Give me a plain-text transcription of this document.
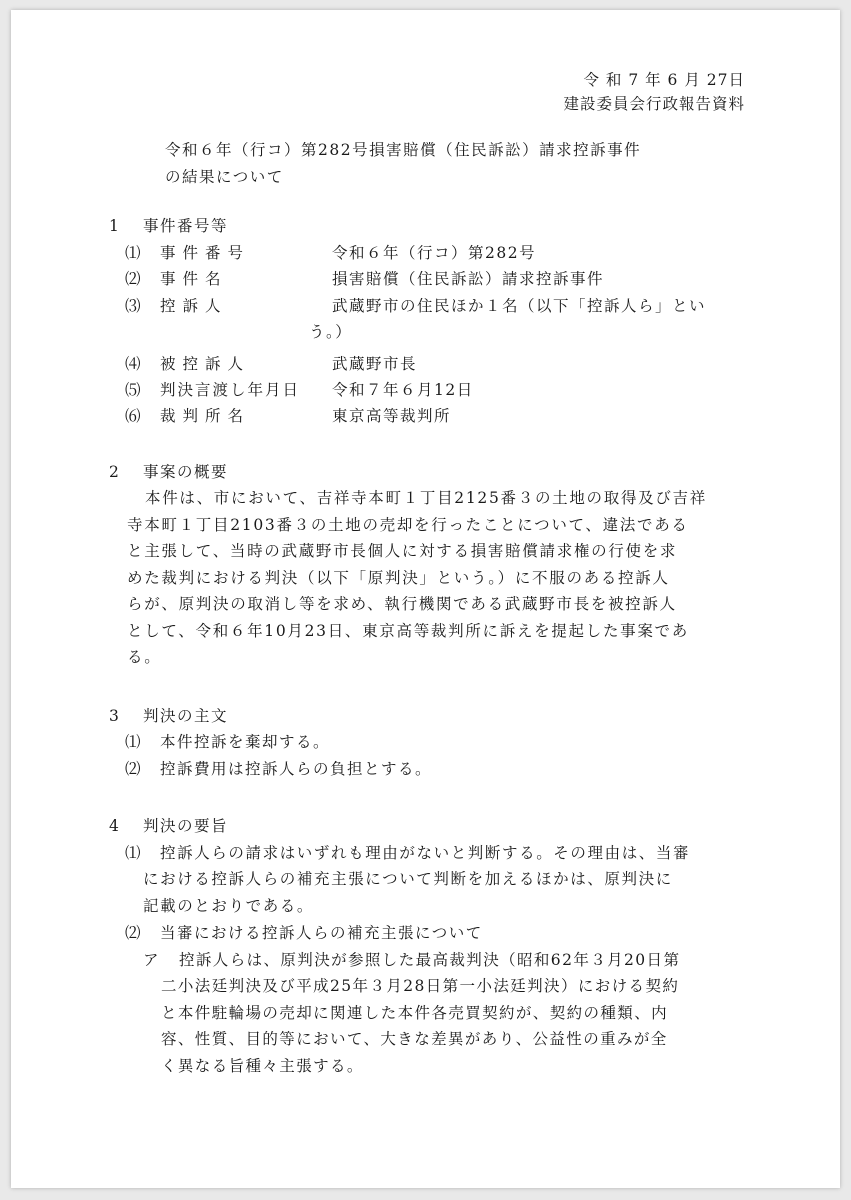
令 和 7 年 6 月 27日
建設委員会行政報告資料
令和６年（行コ）第282号損害賠償（住民訴訟）請求控訴事件
の結果について
1 事件番号等
⑴ 事件番号	令和６年（行コ）第282号
⑵ 事件名	損害賠償（住民訴訟）請求控訴事件
⑶ 控訴人	武蔵野市の住民ほか１名（以下「控訴人ら」とい
う。）
⑷ 被控訴人	武蔵野市長
⑸ 判決言渡し年月日 令和７年６月12日
⑹ 裁判所名	東京高等裁判所
2 事案の概要
本件は、市において、吉祥寺本町１丁目2125番３の土地の取得及び吉祥
寺本町１丁目2103番３の土地の売却を行ったことについて、違法である
と主張して、当時の武蔵野市長個人に対する損害賠償請求権の行使を求
めた裁判における判決（以下「原判決」という。）に不服のある控訴人
らが、原判決の取消し等を求め、執行機関である武蔵野市長を被控訴人
として、令和６年10月23日、東京高等裁判所に訴えを提起した事案であ
る。
3 判決の主文
⑴ 本件控訴を棄却する。
⑵ 控訴費用は控訴人らの負担とする。
4 判決の要旨
⑴ 控訴人らの請求はいずれも理由がないと判断する。その理由は、当審
における控訴人らの補充主張について判断を加えるほかは、原判決に
記載のとおりである。
⑵ 当審における控訴人らの補充主張について
ア 控訴人らは、原判決が参照した最高裁判決（昭和62年３月20日第
二小法廷判決及び平成25年３月28日第一小法廷判決）における契約
と本件駐輪場の売却に関連した本件各売買契約が、契約の種類、内
容、性質、目的等において、大きな差異があり、公益性の重みが全
く異なる旨種々主張する。
